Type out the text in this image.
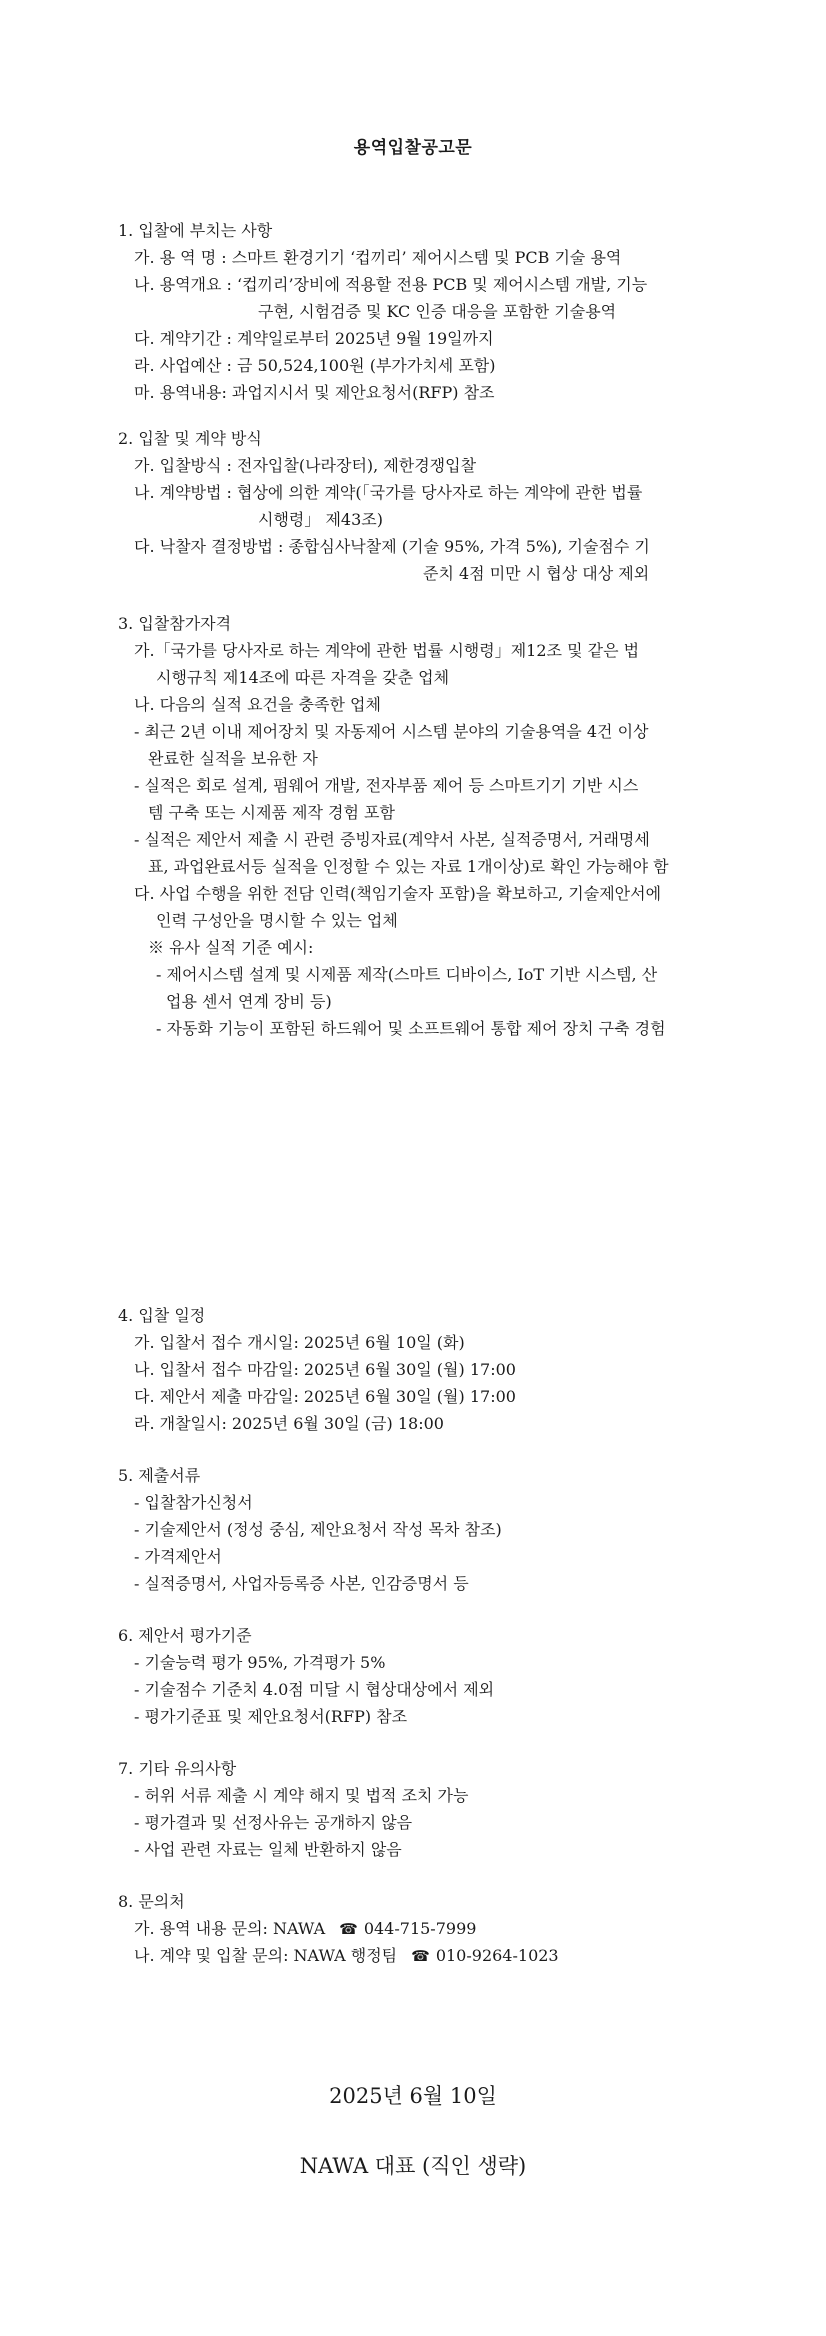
용역입찰공고문
1. 입찰에 부치는 사항
가. 용 역 명 : 스마트 환경기기 ‘컵끼리’ 제어시스템 및 PCB 기술 용역
나. 용역개요 : ‘컵끼리’장비에 적용할 전용 PCB 및 제어시스템 개발, 기능
구현, 시험검증 및 KC 인증 대응을 포함한 기술용역
다. 계약기간 : 계약일로부터 2025년 9월 19일까지
라. 사업예산 : 금 50,524,100원 (부가가치세 포함)
마. 용역내용: 과업지시서 및 제안요청서(RFP) 참조
2. 입찰 및 계약 방식
가. 입찰방식 : 전자입찰(나라장터), 제한경쟁입찰
나. 계약방법 : 협상에 의한 계약(「국가를 당사자로 하는 계약에 관한 법률
시행령」 제43조)
다. 낙찰자 결정방법 : 종합심사낙찰제 (기술 95%, 가격 5%), 기술점수 기
준치 4점 미만 시 협상 대상 제외
3. 입찰참가자격
가.「국가를 당사자로 하는 계약에 관한 법률 시행령」제12조 및 같은 법
시행규칙 제14조에 따른 자격을 갖춘 업체
나. 다음의 실적 요건을 충족한 업체
- 최근 2년 이내 제어장치 및 자동제어 시스템 분야의 기술용역을 4건 이상
완료한 실적을 보유한 자
- 실적은 회로 설계, 펌웨어 개발, 전자부품 제어 등 스마트기기 기반 시스
템 구축 또는 시제품 제작 경험 포함
- 실적은 제안서 제출 시 관련 증빙자료(계약서 사본, 실적증명서, 거래명세
표, 과업완료서등 실적을 인정할 수 있는 자료 1개이상)로 확인 가능해야 함
다. 사업 수행을 위한 전담 인력(책임기술자 포함)을 확보하고, 기술제안서에
인력 구성안을 명시할 수 있는 업체
※ 유사 실적 기준 예시:
- 제어시스템 설계 및 시제품 제작(스마트 디바이스, IoT 기반 시스템, 산
업용 센서 연계 장비 등)
- 자동화 기능이 포함된 하드웨어 및 소프트웨어 통합 제어 장치 구축 경험
4. 입찰 일정
가. 입찰서 접수 개시일: 2025년 6월 10일 (화)
나. 입찰서 접수 마감일: 2025년 6월 30일 (월) 17:00
다. 제안서 제출 마감일: 2025년 6월 30일 (월) 17:00
라. 개찰일시: 2025년 6월 30일 (금) 18:00
5. 제출서류
- 입찰참가신청서
- 기술제안서 (정성 중심, 제안요청서 작성 목차 참조)
- 가격제안서
- 실적증명서, 사업자등록증 사본, 인감증명서 등
6. 제안서 평가기준
- 기술능력 평가 95%, 가격평가 5%
- 기술점수 기준치 4.0점 미달 시 협상대상에서 제외
- 평가기준표 및 제안요청서(RFP) 참조
7. 기타 유의사항
- 허위 서류 제출 시 계약 해지 및 법적 조치 가능
- 평가결과 및 선정사유는 공개하지 않음
- 사업 관련 자료는 일체 반환하지 않음
8. 문의처
가. 용역 내용 문의: NAWA ☎ 044-715-7999
나. 계약 및 입찰 문의: NAWA 행정팀 ☎ 010-9264-1023
2025년 6월 10일
NAWA 대표 (직인 생략)
